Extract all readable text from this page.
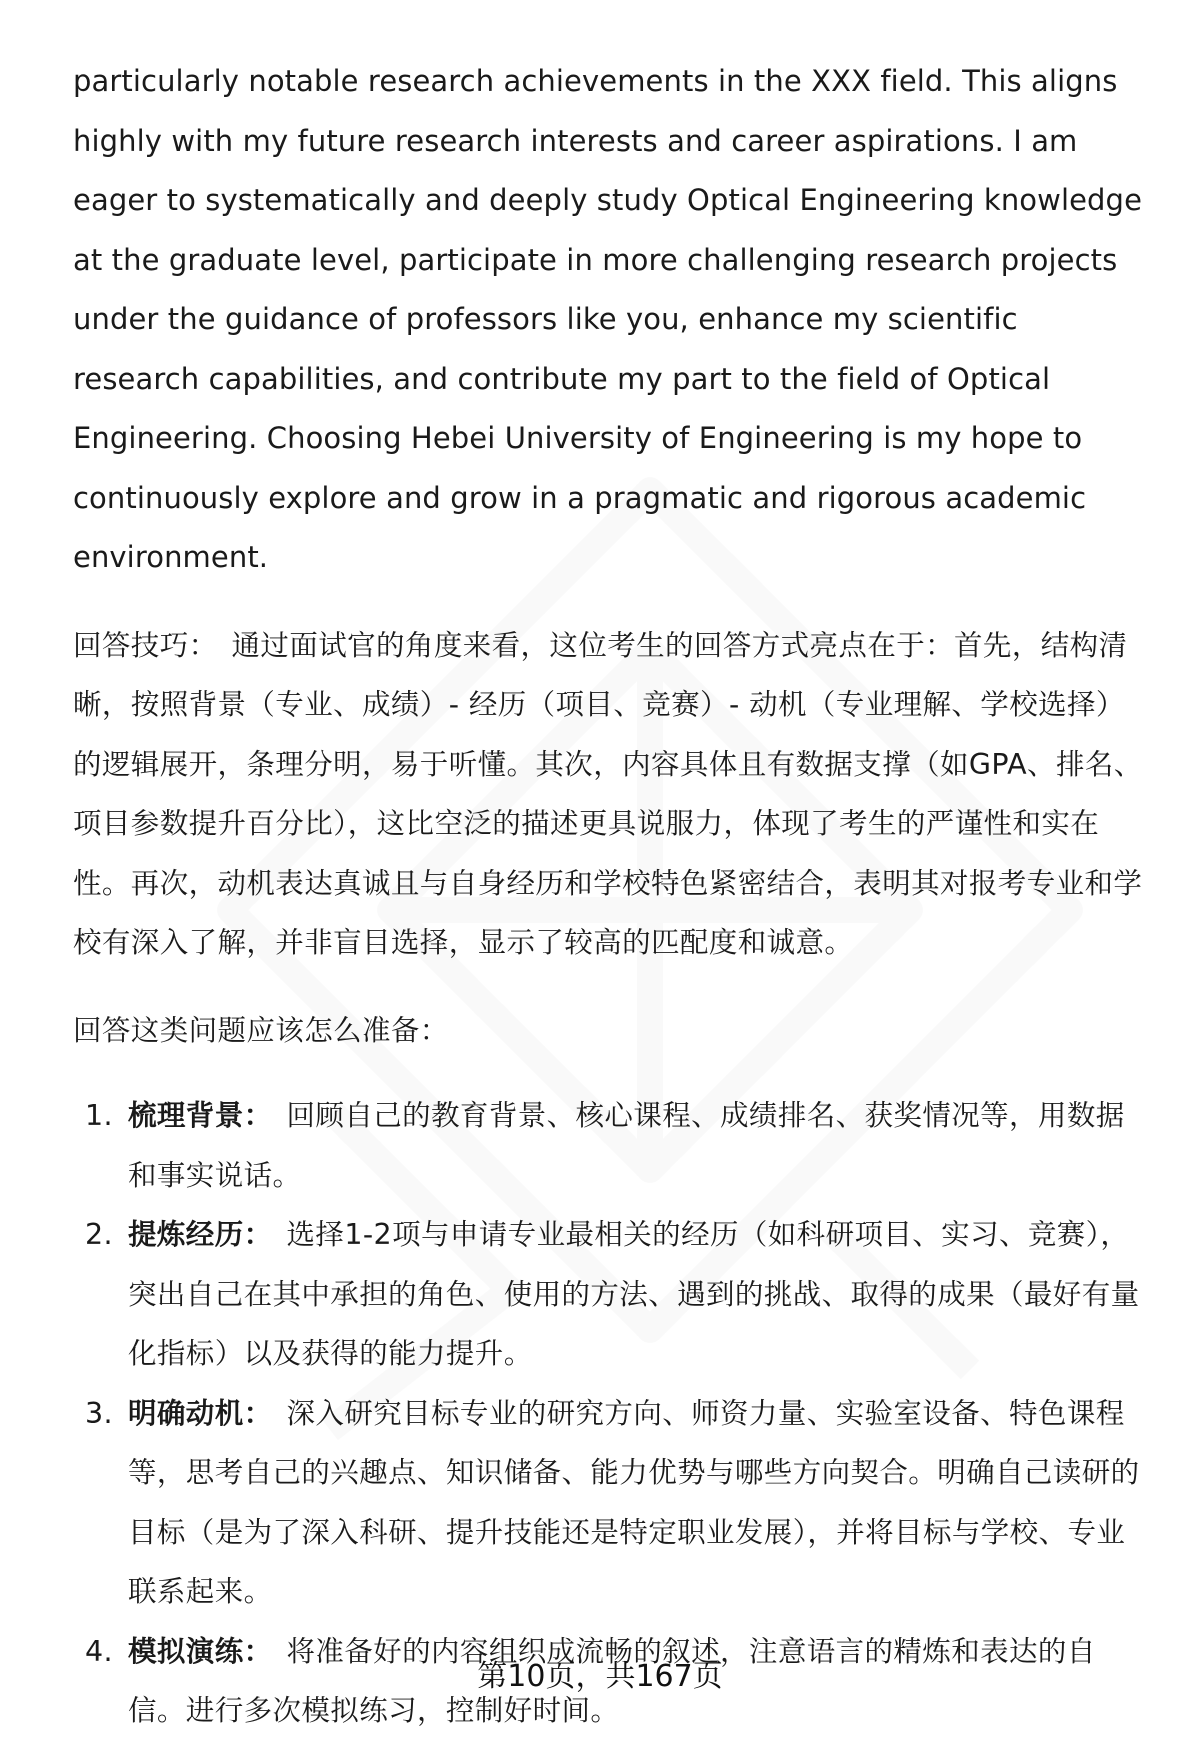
particularly notable research achievements in the XXX field. This aligns highly with my future research interests and career aspirations. I am eager to systematically and deeply study Optical Engineering knowledge at the graduate level, participate in more challenging research projects under the guidance of professors like you, enhance my scientific research capabilities, and contribute my part to the field of Optical Engineering. Choosing Hebei University of Engineering is my hope to continuously explore and grow in a pragmatic and rigorous academic environment.

回答技巧： 通过面试官的角度来看，这位考生的回答方式亮点在于：首先，结构清晰，按照背景（专业、成绩）- 经历（项目、竞赛）- 动机（专业理解、学校选择）的逻辑展开，条理分明，易于听懂。其次，内容具体且有数据支撑（如GPA、排名、项目参数提升百分比），这比空泛的描述更具说服力，体现了考生的严谨性和实在性。再次，动机表达真诚且与自身经历和学校特色紧密结合，表明其对报考专业和学校有深入了解，并非盲目选择，显示了较高的匹配度和诚意。

回答这类问题应该怎么准备：

1. 梳理背景： 回顾自己的教育背景、核心课程、成绩排名、获奖情况等，用数据和事实说话。
2. 提炼经历： 选择1-2项与申请专业最相关的经历（如科研项目、实习、竞赛），突出自己在其中承担的角色、使用的方法、遇到的挑战、取得的成果（最好有量化指标）以及获得的能力提升。
3. 明确动机： 深入研究目标专业的研究方向、师资力量、实验室设备、特色课程等，思考自己的兴趣点、知识储备、能力优势与哪些方向契合。明确自己读研的目标（是为了深入科研、提升技能还是特定职业发展），并将目标与学校、专业联系起来。
4. 模拟演练： 将准备好的内容组织成流畅的叙述，注意语言的精炼和表达的自信。进行多次模拟练习，控制好时间。
第10页，共167页
